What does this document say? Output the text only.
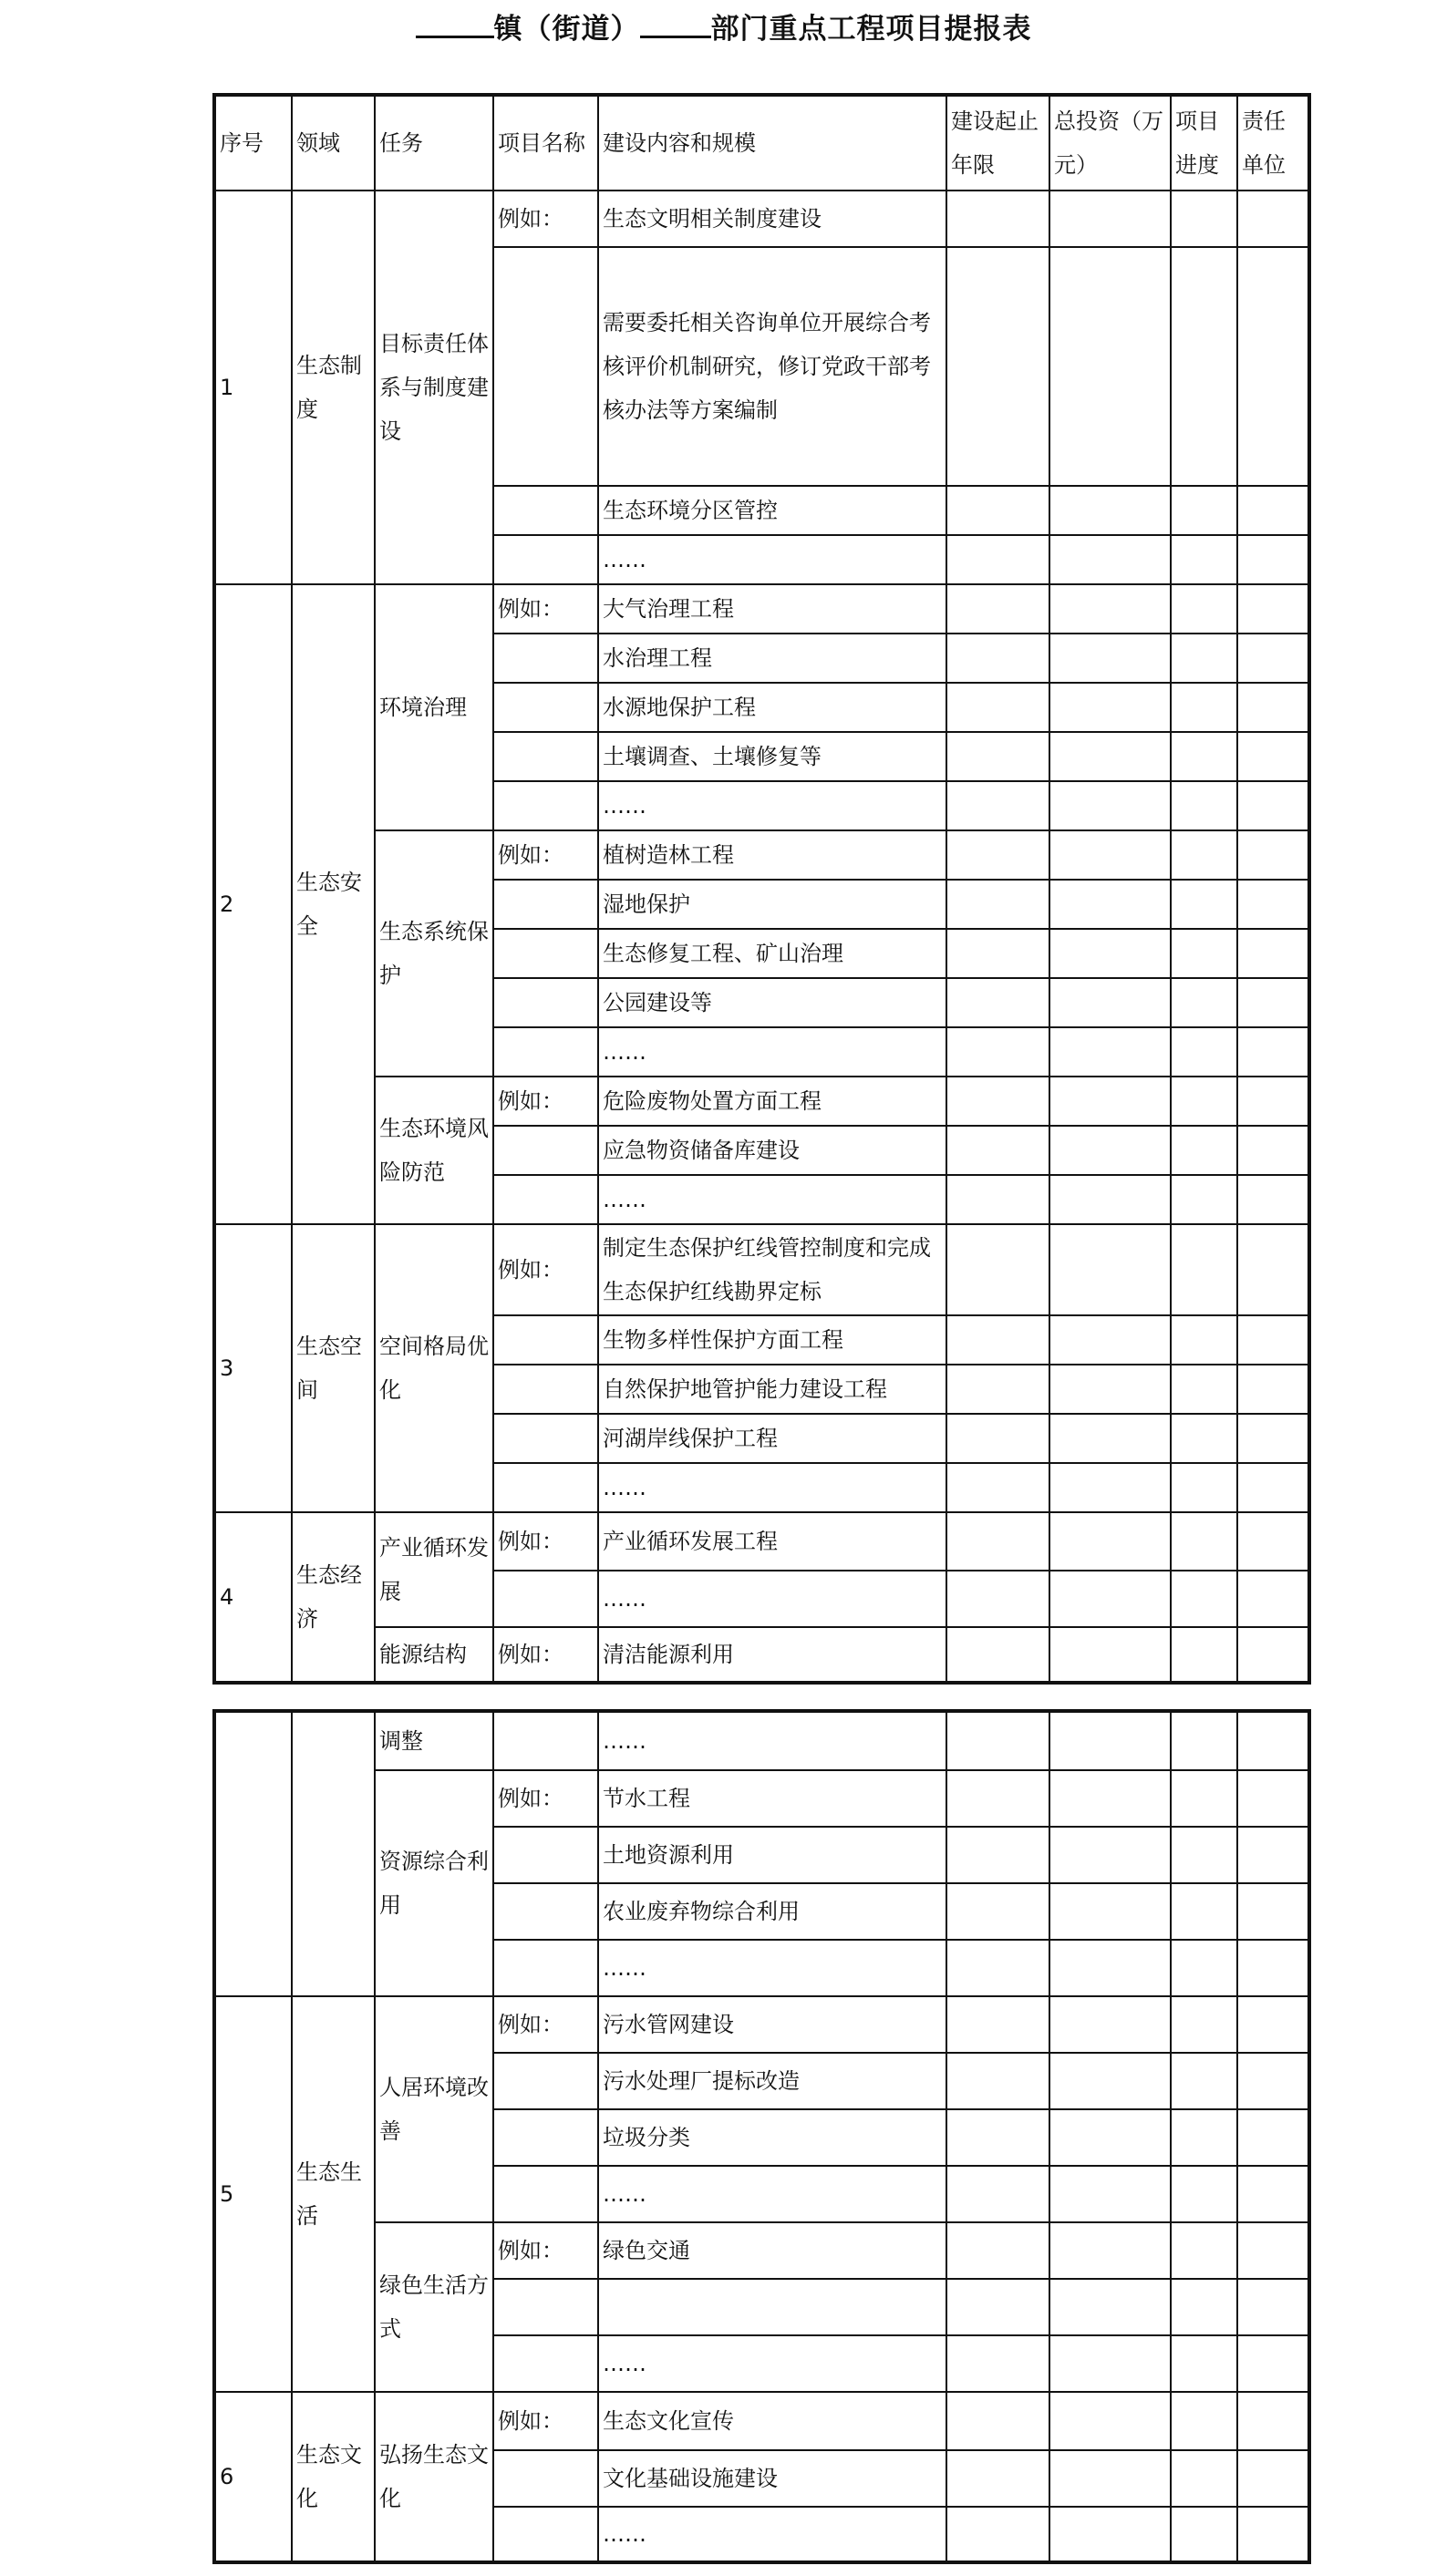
镇（街道）	部门重点工程项目提报表
序号	领域	任务	项目名称	建设内容和规模	建设起止年限	总投资（万元）	项目进度	责任单位
1	生态制度	目标责任体系与制度建设	例如：	生态文明相关制度建设				
				需要委托相关咨询单位开展综合考核评价机制研究，修订党政干部考核办法等方案编制				
				生态环境分区管控				
				……				
2	生态安全	环境治理	例如：	大气治理工程				
				水治理工程				
				水源地保护工程				
				土壤调查、土壤修复等				
				……				
		生态系统保护	例如：	植树造林工程				
				湿地保护				
				生态修复工程、矿山治理				
				公园建设等				
				……				
		生态环境风险防范	例如：	危险废物处置方面工程				
				应急物资储备库建设				
				……				
3	生态空间	空间格局优化	例如：	制定生态保护红线管控制度和完成生态保护红线勘界定标				
				生物多样性保护方面工程				
				自然保护地管护能力建设工程				
				河湖岸线保护工程				
				……				
4	生态经济	产业循环发展	例如：	产业循环发展工程				
				……				
		能源结构	例如：	清洁能源利用				
		调整		……				
		资源综合利用	例如：	节水工程				
				土地资源利用				
				农业废弃物综合利用				
				……				
5	生态生活	人居环境改善	例如：	污水管网建设				
				污水处理厂提标改造				
				垃圾分类				
				……				
		绿色生活方式	例如：	绿色交通				

				……				
6	生态文化	弘扬生态文化	例如：	生态文化宣传				
				文化基础设施建设				
				……				
